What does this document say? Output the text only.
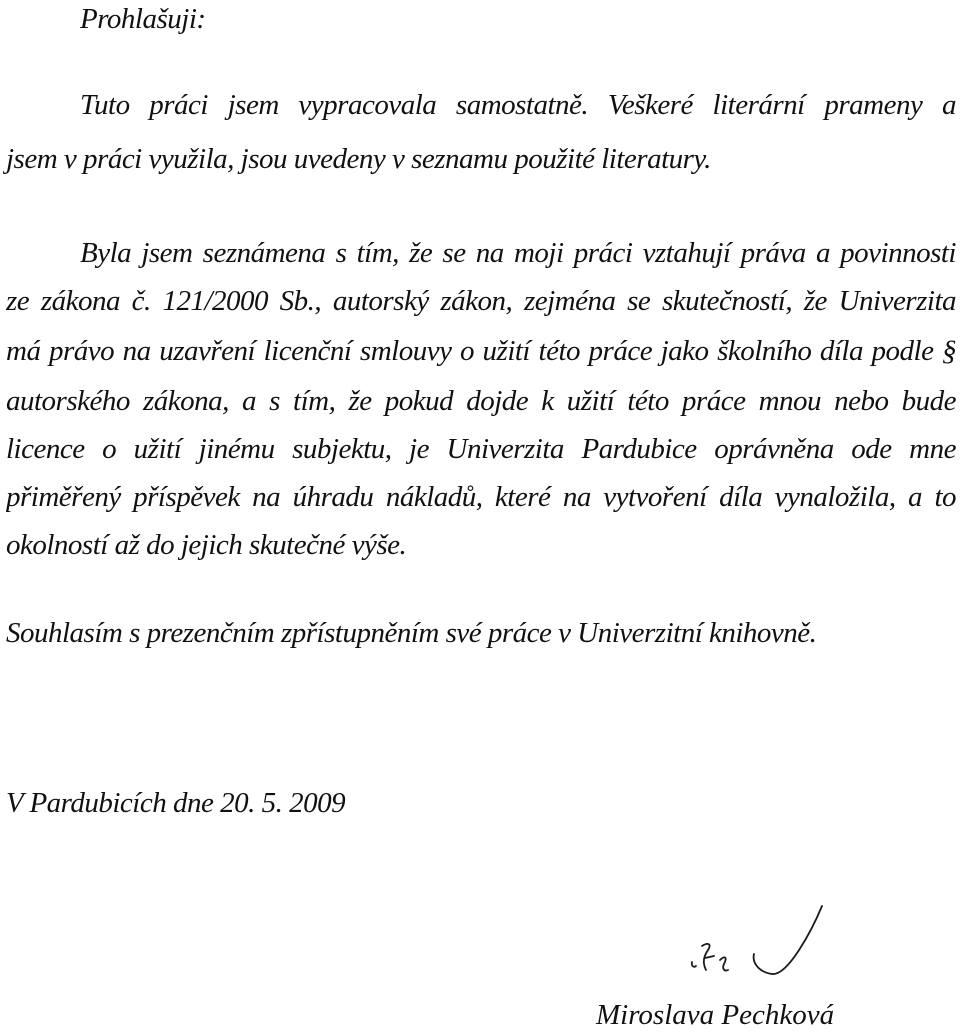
Prohlašuji:
Tuto práci jsem vypracovala samostatně. Veškeré literární prameny a
jsem v práci využila, jsou uvedeny v seznamu použité literatury.
Byla jsem seznámena s tím, že se na moji práci vztahují práva a povinnosti
ze zákona č. 121/2000 Sb., autorský zákon, zejména se skutečností, že Univerzita
má právo na uzavření licenční smlouvy o užití této práce jako školního díla podle §
autorského zákona, a s tím, že pokud dojde k užití této práce mnou nebo bude
licence o užití jinému subjektu, je Univerzita Pardubice oprávněna ode mne
přiměřený příspěvek na úhradu nákladů, které na vytvoření díla vynaložila, a to
okolností až do jejich skutečné výše.
Souhlasím s prezenčním zpřístupněním své práce v Univerzitní knihovně.
V Pardubicích dne 20. 5. 2009
Miroslava Pechková
